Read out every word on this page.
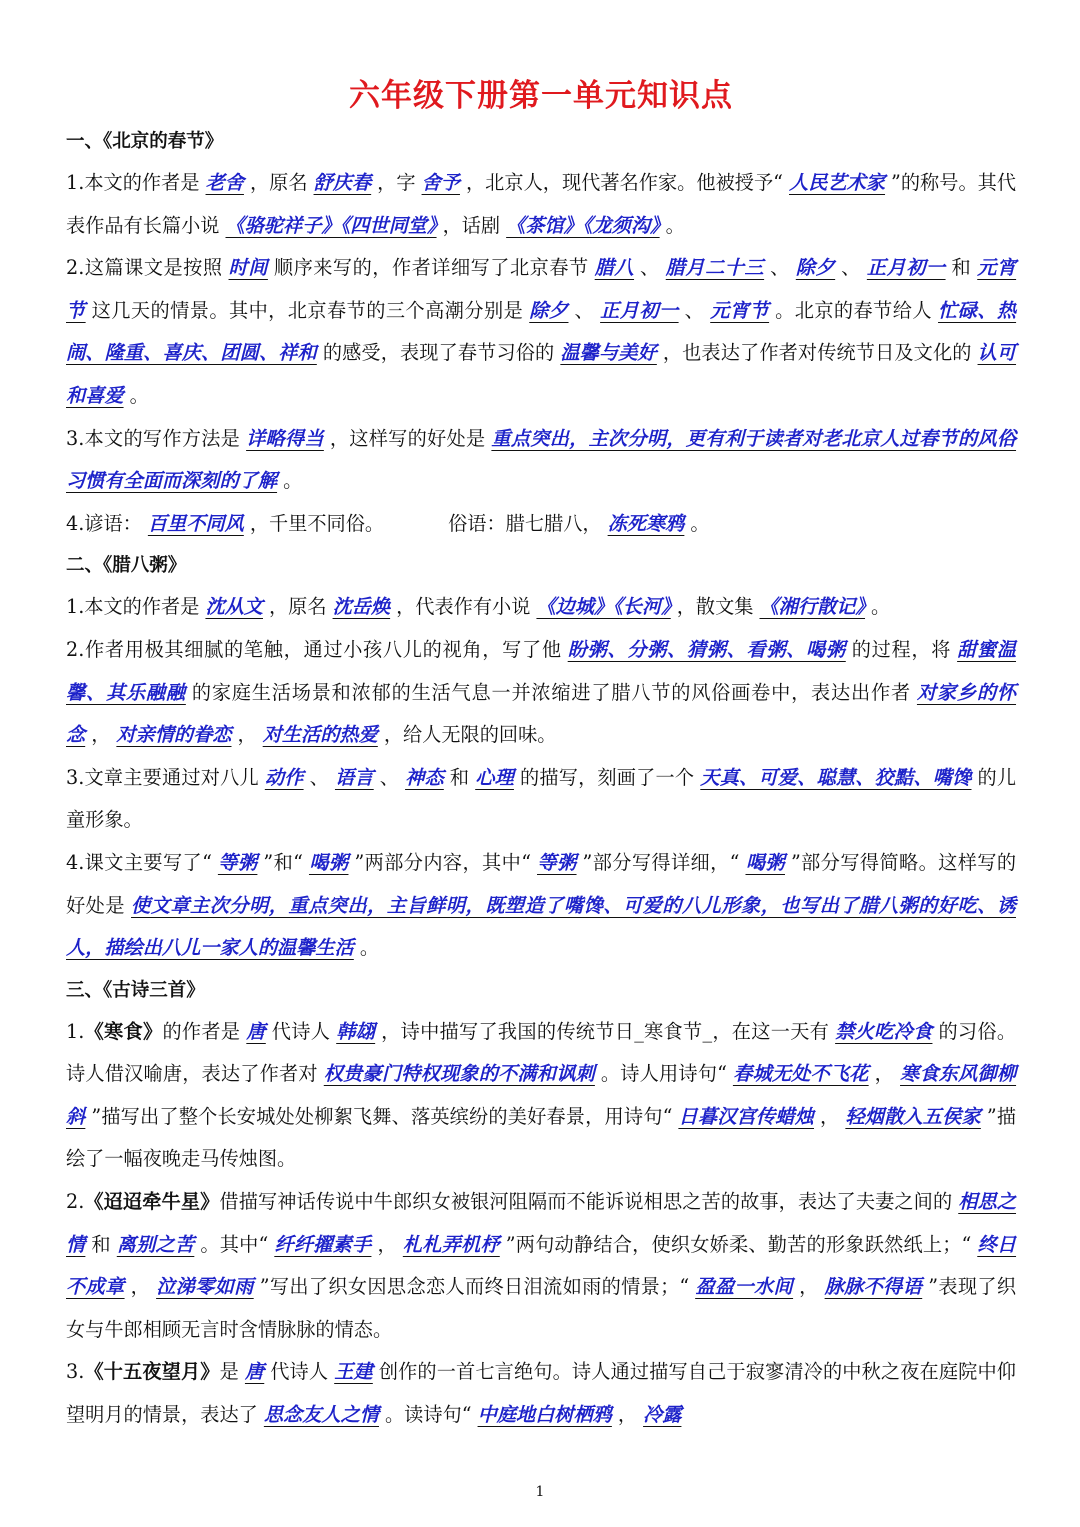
六年级下册第一单元知识点
一、《北京的春节》

1.本文的作者是 老舍 ，原名 舒庆春 ，字 舍予 ，北京人，现代著名作家。他被授予“ 人民艺术家 ”的称号。其代表作品有长篇小说 《骆驼祥子》《四世同堂》 ，话剧 《茶馆》《龙须沟》 。

2.这篇课文是按照 时间 顺序来写的，作者详细写了北京春节 腊八 、 腊月二十三 、 除夕 、 正月初一 和 元宵节 这几天的情景。其中，北京春节的三个高潮分别是 除夕 、 正月初一 、 元宵节 。北京的春节给人 忙碌、热闹、隆重、喜庆、团圆、祥和 的感受，表现了春节习俗的 温馨与美好 ，也表达了作者对传统节日及文化的 认可和喜爱 。

3.本文的写作方法是 详略得当 ，这样写的好处是 重点突出，主次分明，更有利于读者对老北京人过春节的风俗习惯有全面而深刻的了解 。

4.谚语： 百里不同风 ，千里不同俗。	俗语：腊七腊八， 冻死寒鸦 。

二、《腊八粥》

1.本文的作者是 沈从文 ，原名 沈岳焕 ，代表作有小说 《边城》《长河》 ，散文集 《湘行散记》 。

2.作者用极其细腻的笔触，通过小孩八儿的视角，写了他 盼粥、分粥、猜粥、看粥、喝粥 的过程，将 甜蜜温馨、其乐融融 的家庭生活场景和浓郁的生活气息一并浓缩进了腊八节的风俗画卷中，表达出作者 对家乡的怀念 ， 对亲情的眷恋 ， 对生活的热爱 ，给人无限的回味。

3.文章主要通过对八儿 动作 、 语言 、 神态 和 心理 的描写，刻画了一个 天真、可爱、聪慧、狡黠、嘴馋 的儿童形象。

4.课文主要写了“ 等粥 ”和“ 喝粥 ”两部分内容，其中“ 等粥 ”部分写得详细，“ 喝粥 ”部分写得简略。这样写的好处是 使文章主次分明，重点突出，主旨鲜明，既塑造了嘴馋、可爱的八儿形象，也写出了腊八粥的好吃、诱人，描绘出八儿一家人的温馨生活 。

三、《古诗三首》

1.《寒食》的作者是 唐 代诗人 韩翃 ，诗中描写了我国的传统节日_寒食节_，在这一天有 禁火吃冷食 的习俗。诗人借汉喻唐，表达了作者对 权贵豪门特权现象的不满和讽刺 。诗人用诗句“ 春城无处不飞花 ， 寒食东风御柳斜 ”描写出了整个长安城处处柳絮飞舞、落英缤纷的美好春景，用诗句“ 日暮汉宫传蜡烛 ， 轻烟散入五侯家 ”描绘了一幅夜晚走马传烛图。

2.《迢迢牵牛星》借描写神话传说中牛郎织女被银河阻隔而不能诉说相思之苦的故事，表达了夫妻之间的 相思之情 和 离别之苦 。其中“ 纤纤擢素手 ， 札札弄机杼 ”两句动静结合，使织女娇柔、勤苦的形象跃然纸上；“ 终日不成章 ， 泣涕零如雨 ”写出了织女因思念恋人而终日泪流如雨的情景；“ 盈盈一水间 ， 脉脉不得语 ”表现了织女与牛郎相顾无言时含情脉脉的情态。

3.《十五夜望月》是 唐 代诗人 王建 创作的一首七言绝句。诗人通过描写自己于寂寥清冷的中秋之夜在庭院中仰望明月的情景，表达了 思念友人之情 。读诗句“ 中庭地白树栖鸦 ， 冷露

1
